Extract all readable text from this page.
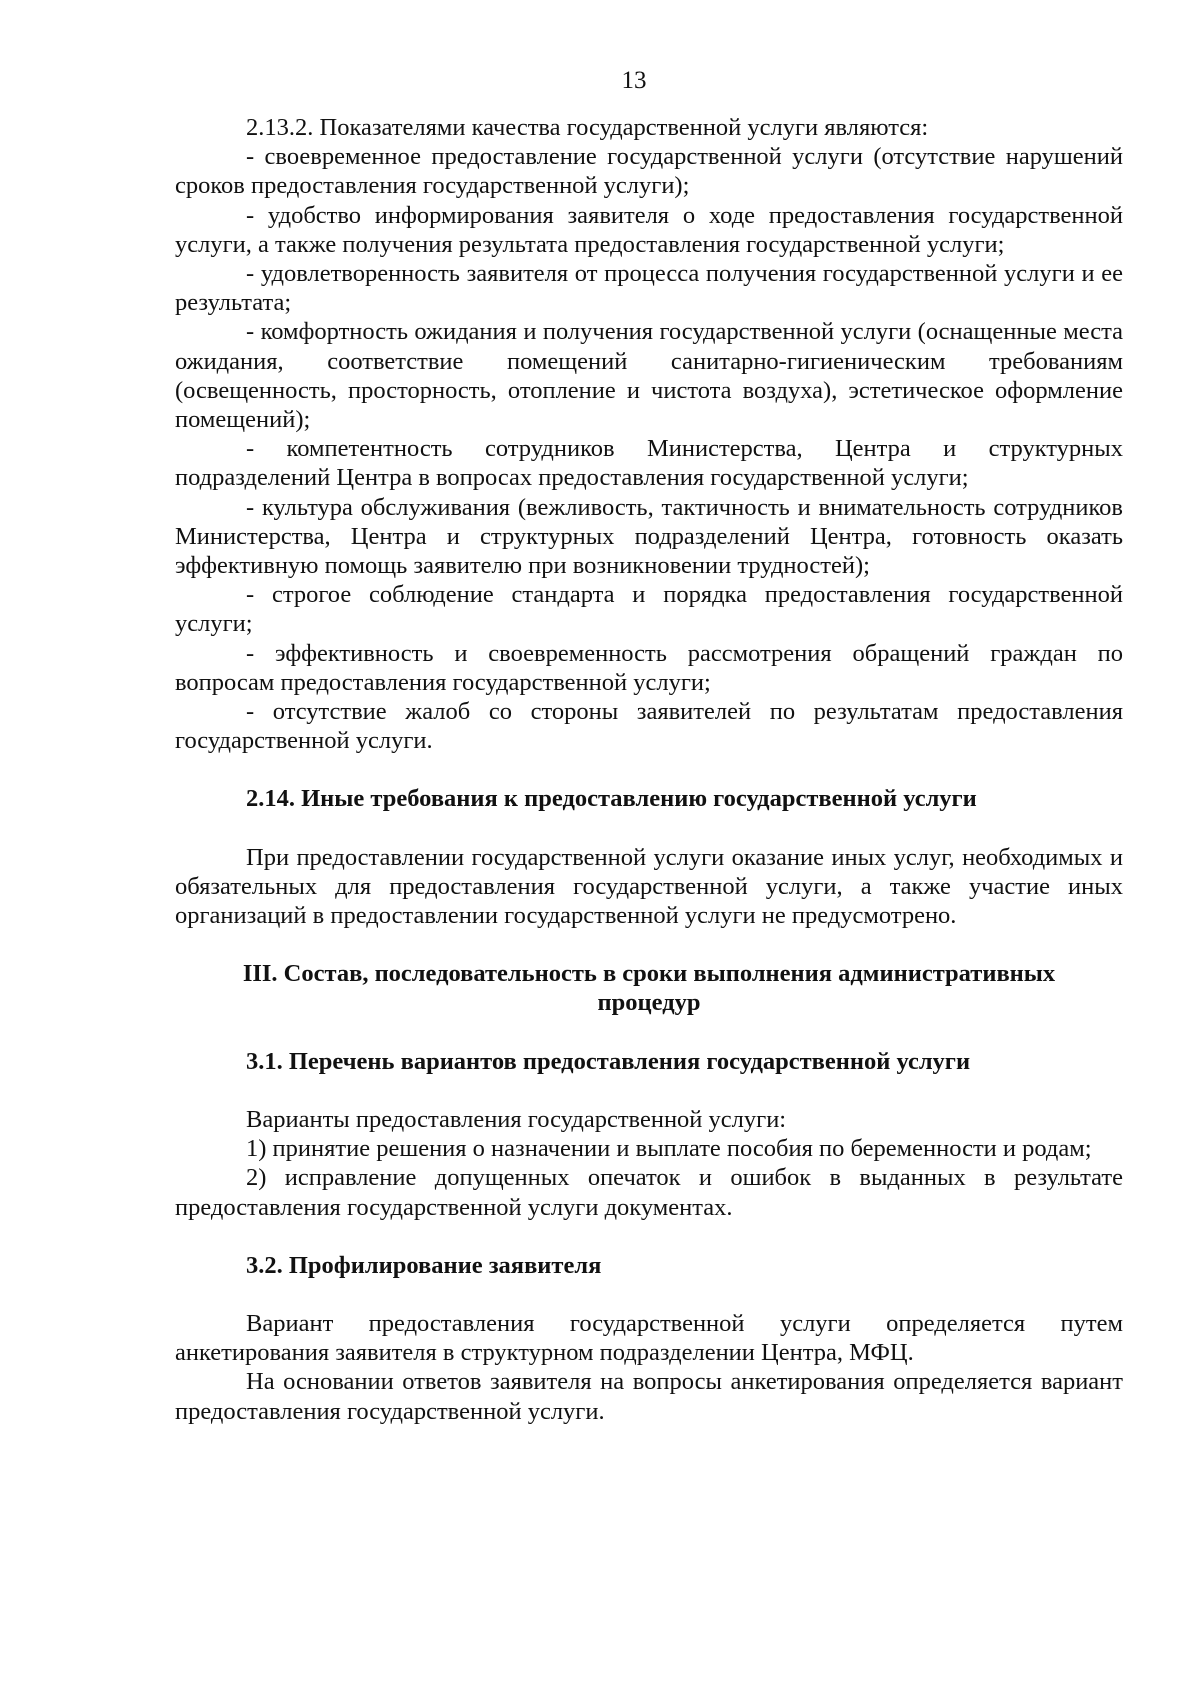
13
2.13.2. Показателями качества государственной услуги являются:
- своевременное предоставление государственной услуги (отсутствие нарушений сроков предоставления государственной услуги);
- удобство информирования заявителя о ходе предоставления государственной услуги, а также получения результата предоставления государственной услуги;
- удовлетворенность заявителя от процесса получения государственной услуги и ее результата;
- комфортность ожидания и получения государственной услуги (оснащенные места ожидания, соответствие помещений санитарно-гигиеническим требованиям (освещенность, просторность, отопление и чистота воздуха), эстетическое оформление помещений);
- компетентность сотрудников Министерства, Центра и структурных подразделений Центра в вопросах предоставления государственной услуги;
- культура обслуживания (вежливость, тактичность и внимательность сотрудников Министерства, Центра и структурных подразделений Центра, готовность оказать эффективную помощь заявителю при возникновении трудностей);
- строгое соблюдение стандарта и порядка предоставления государственной услуги;
- эффективность и своевременность рассмотрения обращений граждан по вопросам предоставления государственной услуги;
- отсутствие жалоб со стороны заявителей по результатам предоставления государственной услуги.
2.14. Иные требования к предоставлению государственной услуги
При предоставлении государственной услуги оказание иных услуг, необходимых и обязательных для предоставления государственной услуги, а также участие иных организаций в предоставлении государственной услуги не предусмотрено.
III. Состав, последовательность в сроки выполнения административных процедур
3.1. Перечень вариантов предоставления государственной услуги
Варианты предоставления государственной услуги:
1) принятие решения о назначении и выплате пособия по беременности и родам;
2) исправление допущенных опечаток и ошибок в выданных в результате предоставления государственной услуги документах.
3.2. Профилирование заявителя
Вариант предоставления государственной услуги определяется путем анкетирования заявителя в структурном подразделении Центра, МФЦ.
На основании ответов заявителя на вопросы анкетирования определяется вариант предоставления государственной услуги.
